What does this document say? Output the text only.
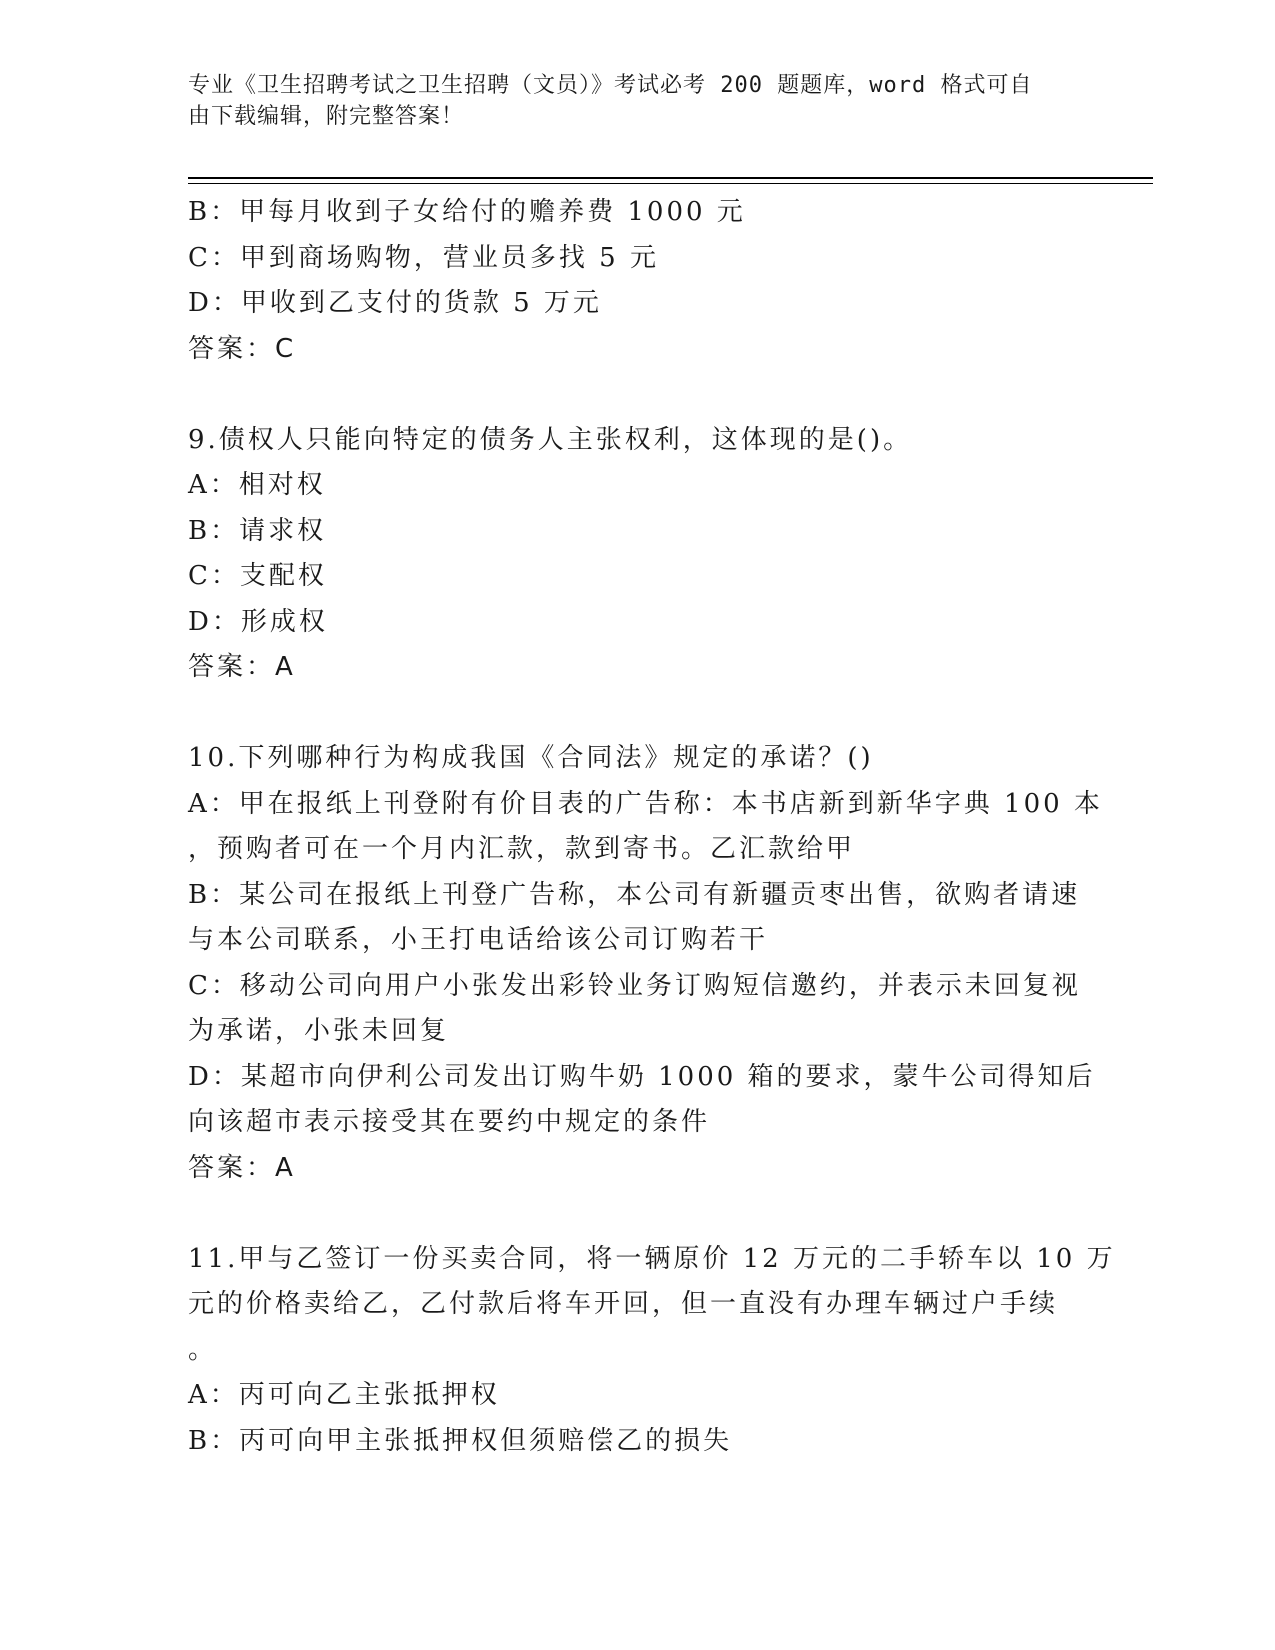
专业《卫生招聘考试之卫生招聘（文员）》考试必考 200 题题库，word 格式可自
由下载编辑，附完整答案！
B：甲每月收到子女给付的赡养费 1000 元
C：甲到商场购物，营业员多找 5 元
D：甲收到乙支付的货款 5 万元
答案：C
9.债权人只能向特定的债务人主张权利，这体现的是()。
A：相对权
B：请求权
C：支配权
D：形成权
答案：A
10.下列哪种行为构成我国《合同法》规定的承诺？()
A：甲在报纸上刊登附有价目表的广告称：本书店新到新华字典 100 本
，预购者可在一个月内汇款，款到寄书。乙汇款给甲
B：某公司在报纸上刊登广告称，本公司有新疆贡枣出售，欲购者请速
与本公司联系，小王打电话给该公司订购若干
C：移动公司向用户小张发出彩铃业务订购短信邀约，并表示未回复视
为承诺，小张未回复
D：某超市向伊利公司发出订购牛奶 1000 箱的要求，蒙牛公司得知后
向该超市表示接受其在要约中规定的条件
答案：A
11.甲与乙签订一份买卖合同，将一辆原价 12 万元的二手轿车以 10 万
元的价格卖给乙，乙付款后将车开回，但一直没有办理车辆过户手续
。
A：丙可向乙主张抵押权
B：丙可向甲主张抵押权但须赔偿乙的损失
